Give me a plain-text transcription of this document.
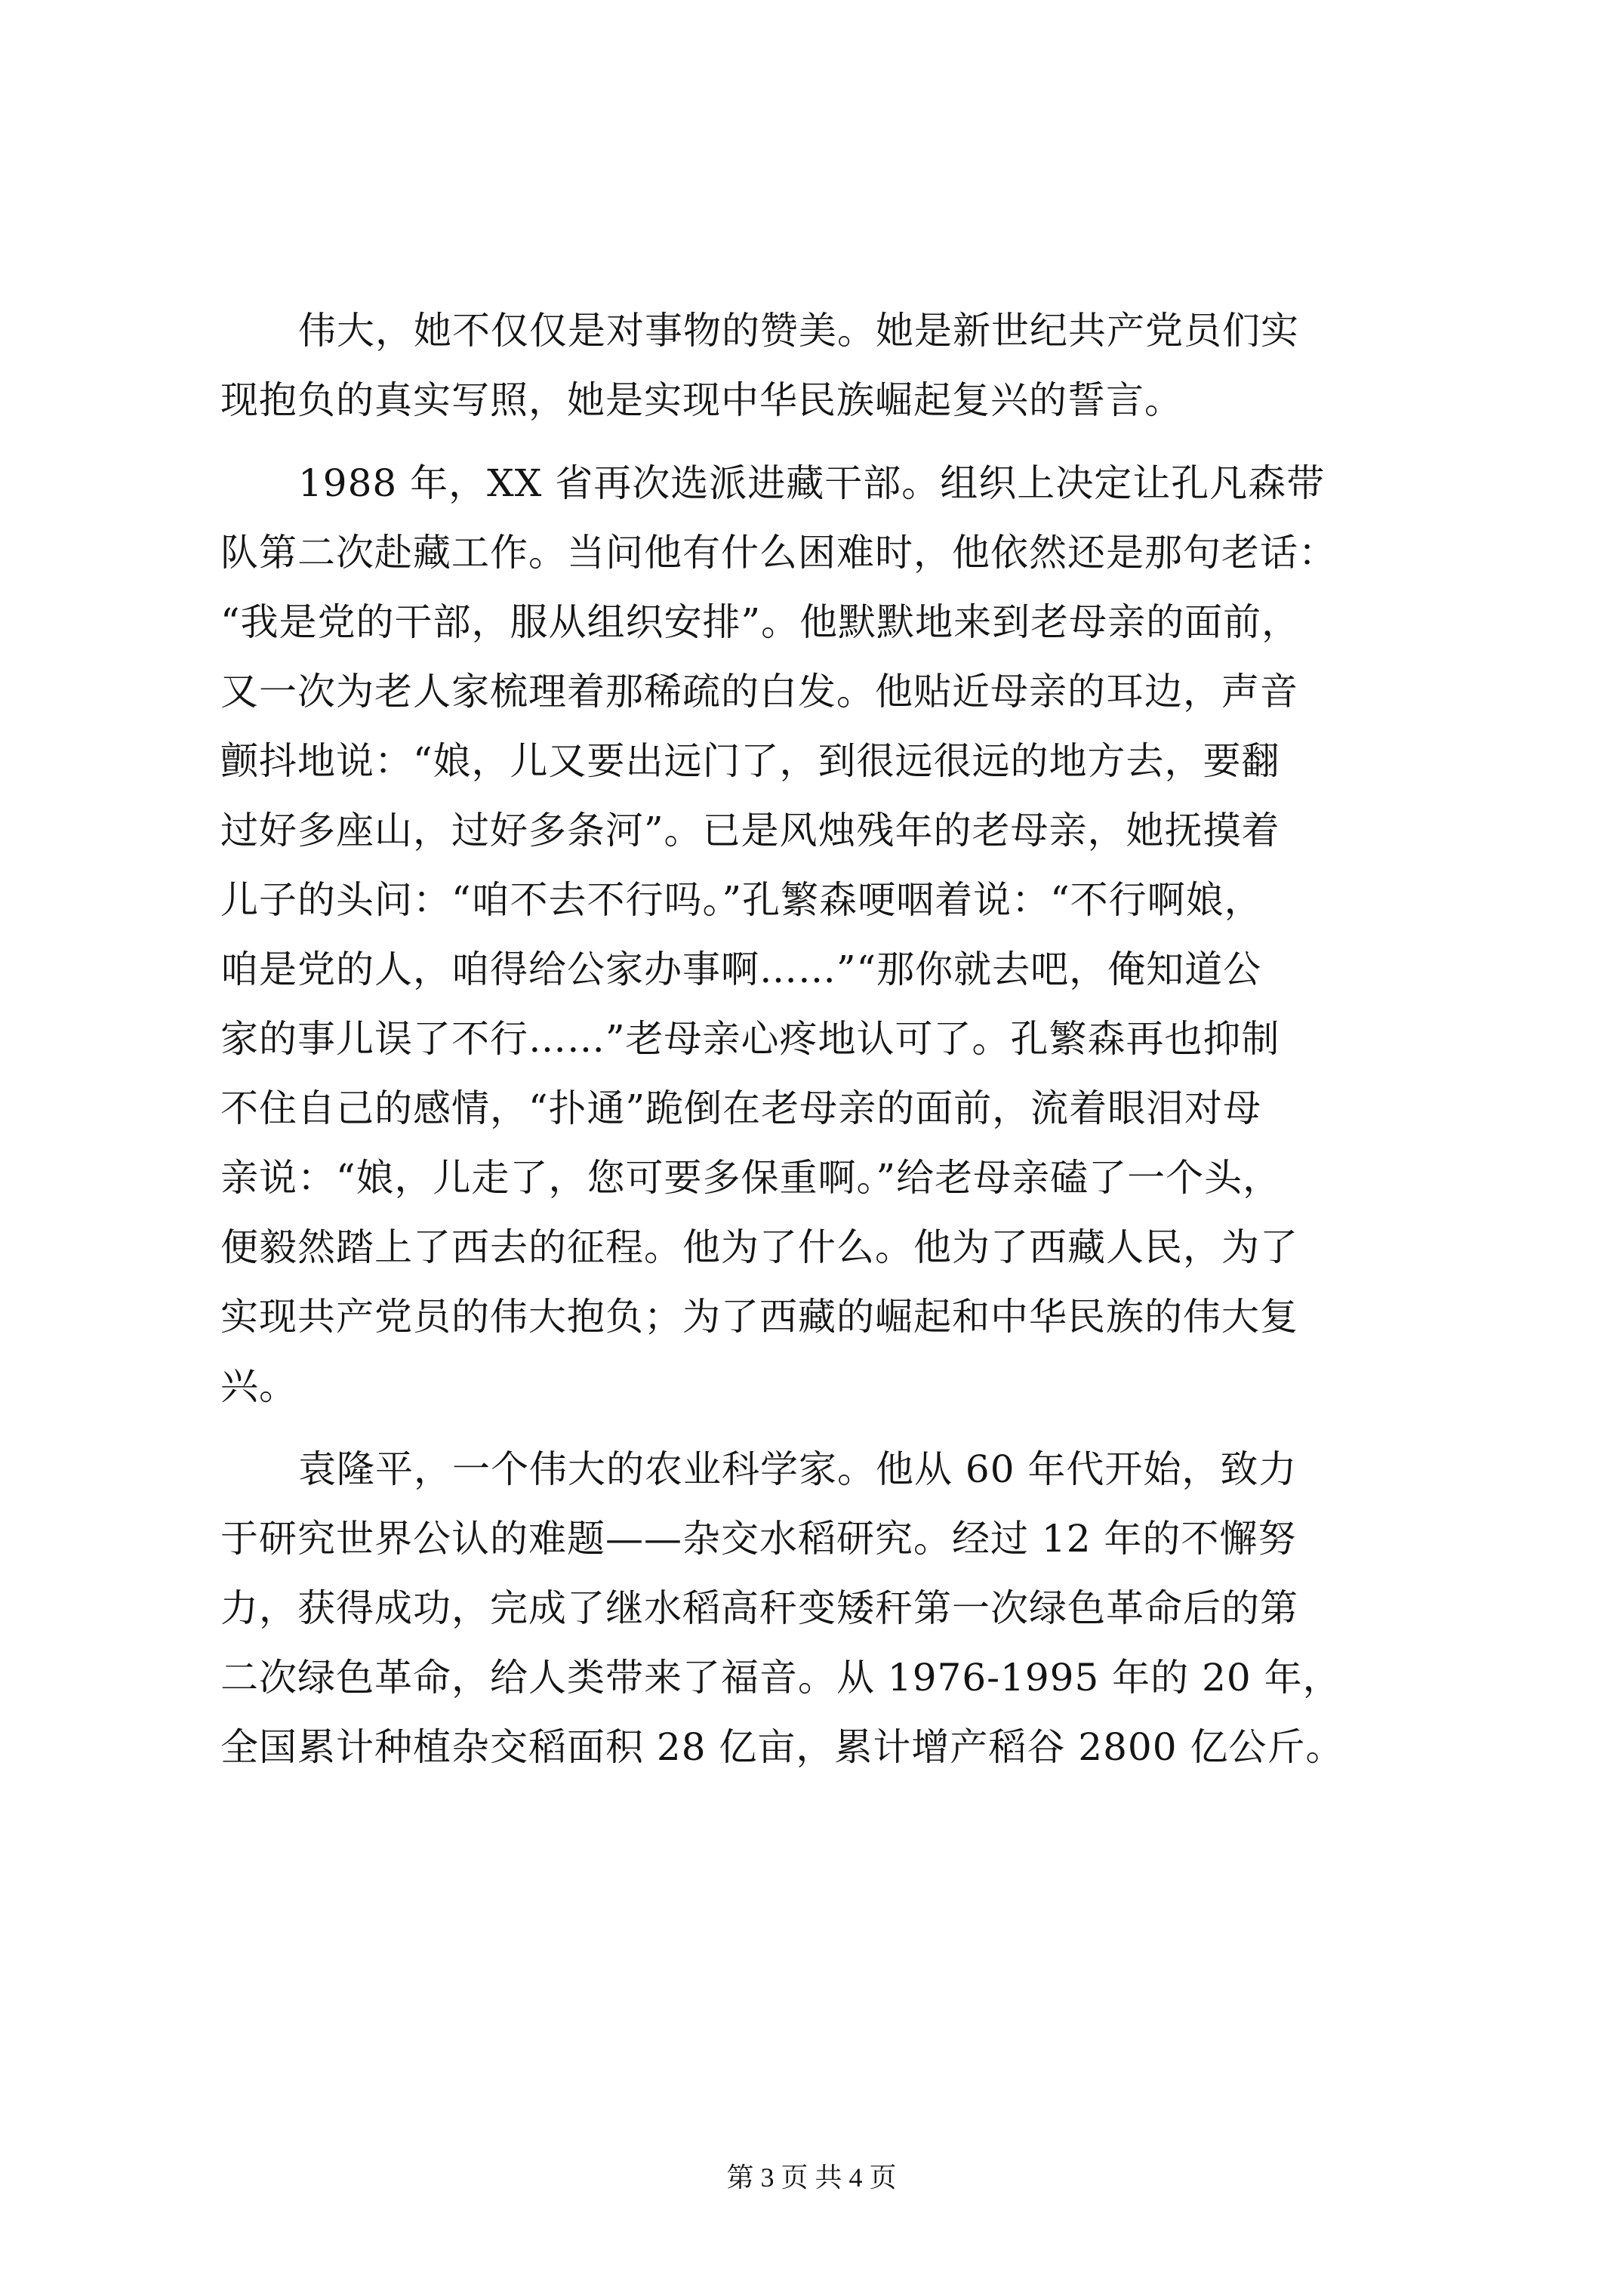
伟大，她不仅仅是对事物的赞美。她是新世纪共产党员们实
现抱负的真实写照，她是实现中华民族崛起复兴的誓言。
1988 年，XX 省再次选派进藏干部。组织上决定让孔凡森带
队第二次赴藏工作。当问他有什么困难时，他依然还是那句老话：
“我是党的干部，服从组织安排”。他默默地来到老母亲的面前，
又一次为老人家梳理着那稀疏的白发。他贴近母亲的耳边，声音
颤抖地说：“娘，儿又要出远门了，到很远很远的地方去，要翻
过好多座山，过好多条河”。已是风烛残年的老母亲，她抚摸着
儿子的头问：“咱不去不行吗。”孔繁森哽咽着说：“不行啊娘，
咱是党的人，咱得给公家办事啊……”“那你就去吧，俺知道公
家的事儿误了不行……”老母亲心疼地认可了。孔繁森再也抑制
不住自己的感情，“扑通”跪倒在老母亲的面前，流着眼泪对母
亲说：“娘，儿走了，您可要多保重啊。”给老母亲磕了一个头，
便毅然踏上了西去的征程。他为了什么。他为了西藏人民，为了
实现共产党员的伟大抱负；为了西藏的崛起和中华民族的伟大复
兴。
袁隆平，一个伟大的农业科学家。他从 60 年代开始，致力
于研究世界公认的难题——杂交水稻研究。经过 12 年的不懈努
力，获得成功，完成了继水稻高秆变矮秆第一次绿色革命后的第
二次绿色革命，给人类带来了福音。从 1976-1995 年的 20 年，
全国累计种植杂交稻面积 28 亿亩，累计增产稻谷 2800 亿公斤。
第 3 页 共 4 页
